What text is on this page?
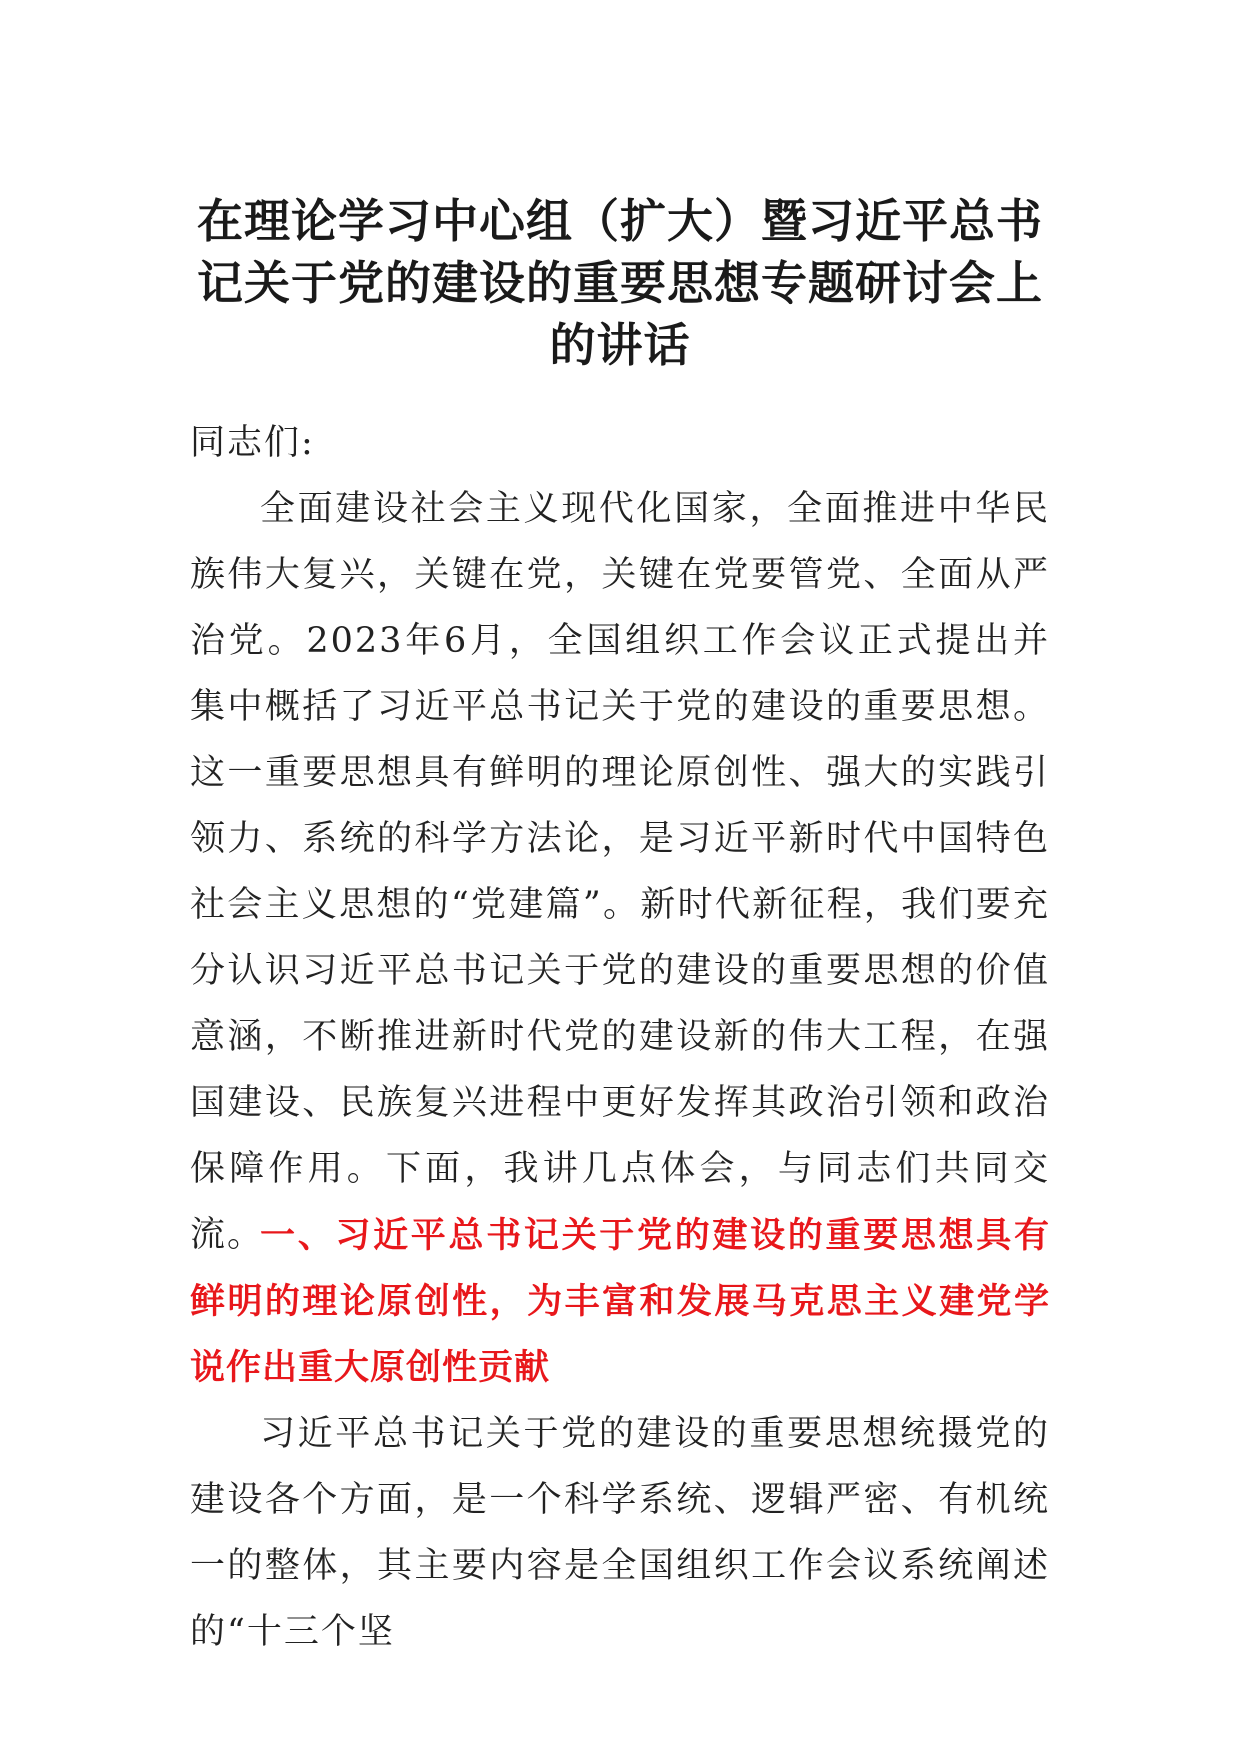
在理论学习中心组（扩大）暨习近平总书记关于党的建设的重要思想专题研讨会上的讲话

同志们:

全面建设社会主义现代化国家，全面推进中华民族伟大复兴，关键在党，关键在党要管党、全面从严治党。2023年6月，全国组织工作会议正式提出并集中概括了习近平总书记关于党的建设的重要思想。这一重要思想具有鲜明的理论原创性、强大的实践引领力、系统的科学方法论，是习近平新时代中国特色社会主义思想的“党建篇”。新时代新征程，我们要充分认识习近平总书记关于党的建设的重要思想的价值意涵，不断推进新时代党的建设新的伟大工程，在强国建设、民族复兴进程中更好发挥其政治引领和政治保障作用。下面，我讲几点体会，与同志们共同交流。

一、习近平总书记关于党的建设的重要思想具有鲜明的理论原创性，为丰富和发展马克思主义建党学说作出重大原创性贡献

习近平总书记关于党的建设的重要思想统摄党的建设各个方面，是一个科学系统、逻辑严密、有机统一的整体，其主要内容是全国组织工作会议系统阐述的“十三个坚
